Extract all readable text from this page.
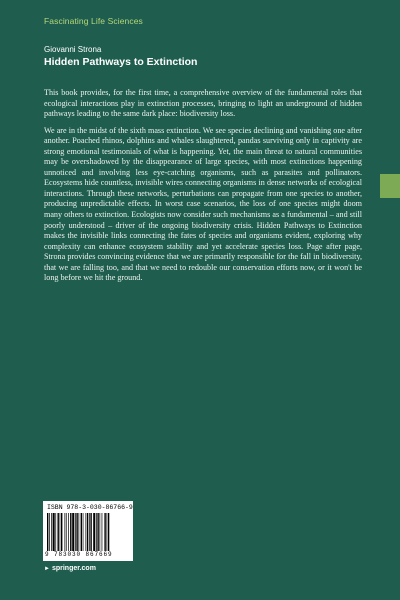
Fascinating Life Sciences
Giovanni Strona
Hidden Pathways to Extinction

This book provides, for the first time, a comprehensive overview of the fundamental roles that ecological interactions play in extinction processes, bringing to light an underground of hidden pathways leading to the same dark place: biodiversity loss.

We are in the midst of the sixth mass extinction. We see species declining and vanishing one after another. Poached rhinos, dolphins and whales slaughtered, pandas surviving only in captivity are strong emotional testimonials of what is happening. Yet, the main threat to natural communities may be overshadowed by the disappearance of large species, with most extinctions happening unnoticed and involving less eye-catching organisms, such as parasites and pollinators. Ecosystems hide countless, invisible wires connecting organisms in dense networks of ecological interactions. Through these networks, perturbations can propagate from one species to another, producing unpredictable effects. In worst case scenarios, the loss of one species might doom many others to extinction. Ecologists now consider such mechanisms as a fundamental – and still poorly understood – driver of the ongoing biodiversity crisis. Hidden Pathways to Extinction makes the invisible links connecting the fates of species and organisms evident, exploring why complexity can enhance ecosystem stability and yet accelerate species loss. Page after page, Strona provides convincing evidence that we are primarily responsible for the fall in biodiversity, that we are falling too, and that we need to redouble our conservation efforts now, or it won't be long before we hit the ground.

ISBN 978-3-030-86766-9
9 783030 867669
► springer.com
